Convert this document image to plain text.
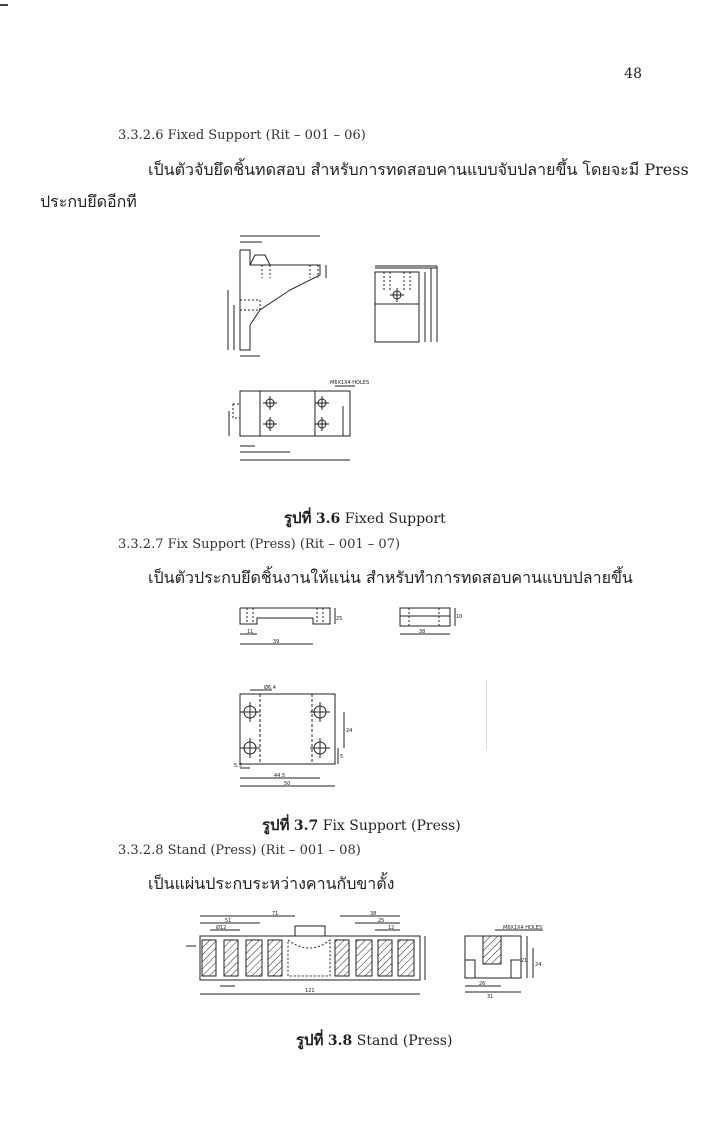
48
3.3.2.6 Fixed Support (Rit – 001 – 06)
เป็นตัวจับยึดชิ้นทดสอบ สำหรับการทดสอบคานแบบจับปลายขึ้น โดยจะมี Press
ประกบยึดอีกที
M6X1X4 HOLES
รูปที่ 3.6 Fixed Support
3.3.2.7 Fix Support (Press) (Rit – 001 – 07)
เป็นตัวประกบยึดชิ้นงานให้แน่น สำหรับทำการทดสอบคานแบบปลายขึ้น
11
39
25
38
10
Ø6.4
5.5
44.5
50
24
5
รูปที่ 3.7 Fix Support (Press)
3.3.2.8 Stand (Press) (Rit – 001 – 08)
เป็นแผ่นประกบระหว่างคานกับขาตั้ง
71	38
51	25
12
Ø12
121
M6X1X4 HOLES
26
31
21
24
รูปที่ 3.8 Stand (Press)
